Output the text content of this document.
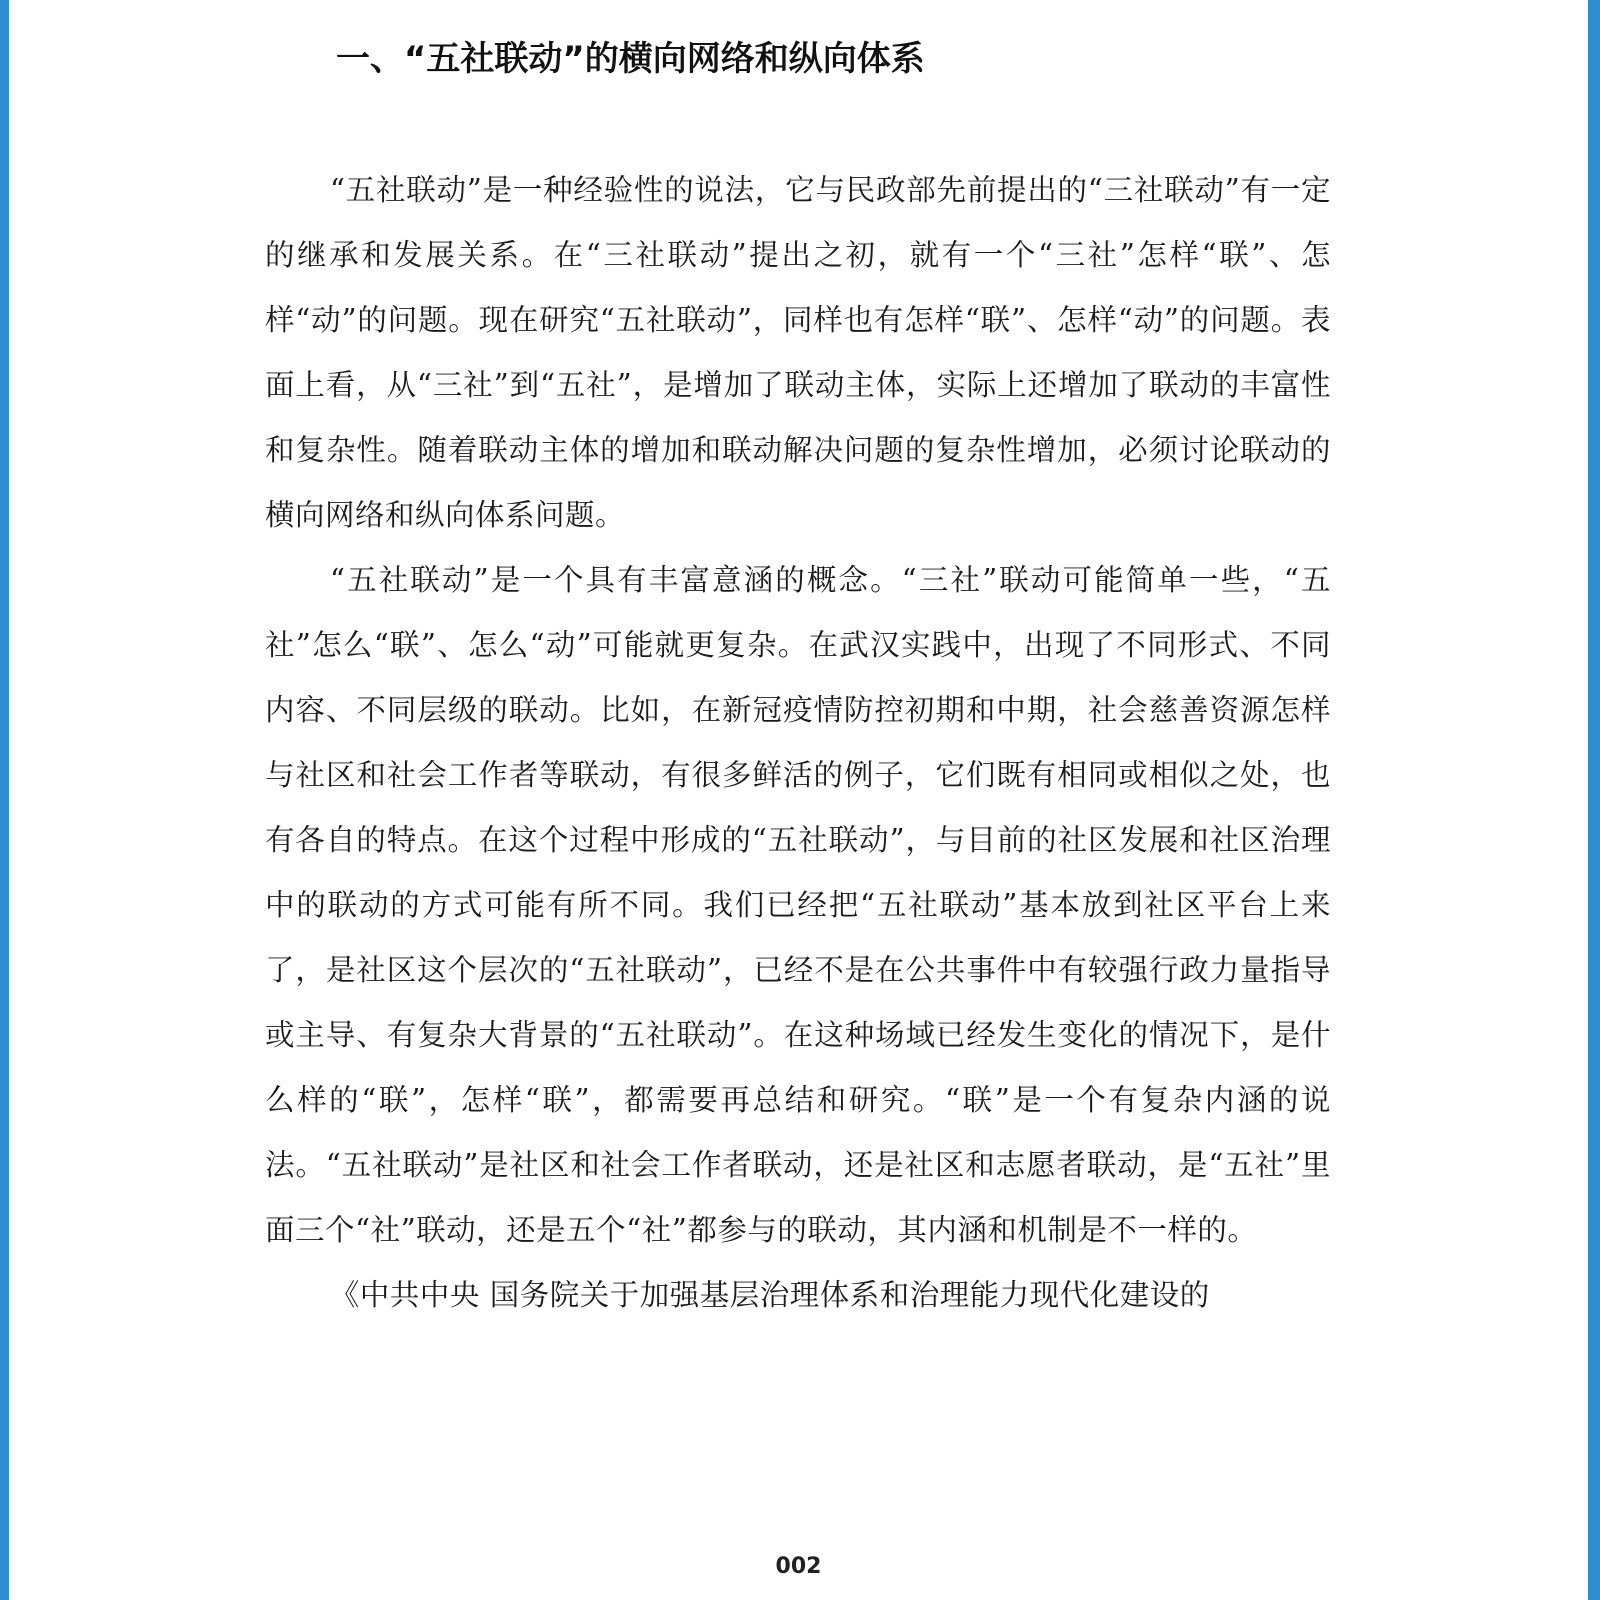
一、“五社联动”的横向网络和纵向体系

“五社联动”是一种经验性的说法，它与民政部先前提出的“三社联动”有一定的继承和发展关系。在“三社联动”提出之初，就有一个“三社”怎样“联”、怎样“动”的问题。现在研究“五社联动”，同样也有怎样“联”、怎样“动”的问题。表面上看，从“三社”到“五社”，是增加了联动主体，实际上还增加了联动的丰富性和复杂性。随着联动主体的增加和联动解决问题的复杂性增加，必须讨论联动的横向网络和纵向体系问题。

“五社联动”是一个具有丰富意涵的概念。“三社”联动可能简单一些，“五社”怎么“联”、怎么“动”可能就更复杂。在武汉实践中，出现了不同形式、不同内容、不同层级的联动。比如，在新冠疫情防控初期和中期，社会慈善资源怎样与社区和社会工作者等联动，有很多鲜活的例子，它们既有相同或相似之处，也有各自的特点。在这个过程中形成的“五社联动”，与目前的社区发展和社区治理中的联动的方式可能有所不同。我们已经把“五社联动”基本放到社区平台上来了，是社区这个层次的“五社联动”，已经不是在公共事件中有较强行政力量指导或主导、有复杂大背景的“五社联动”。在这种场域已经发生变化的情况下，是什么样的“联”，怎样“联”，都需要再总结和研究。“联”是一个有复杂内涵的说法。“五社联动”是社区和社会工作者联动，还是社区和志愿者联动，是“五社”里面三个“社”联动，还是五个“社”都参与的联动，其内涵和机制是不一样的。

《中共中央 国务院关于加强基层治理体系和治理能力现代化建设的

002
